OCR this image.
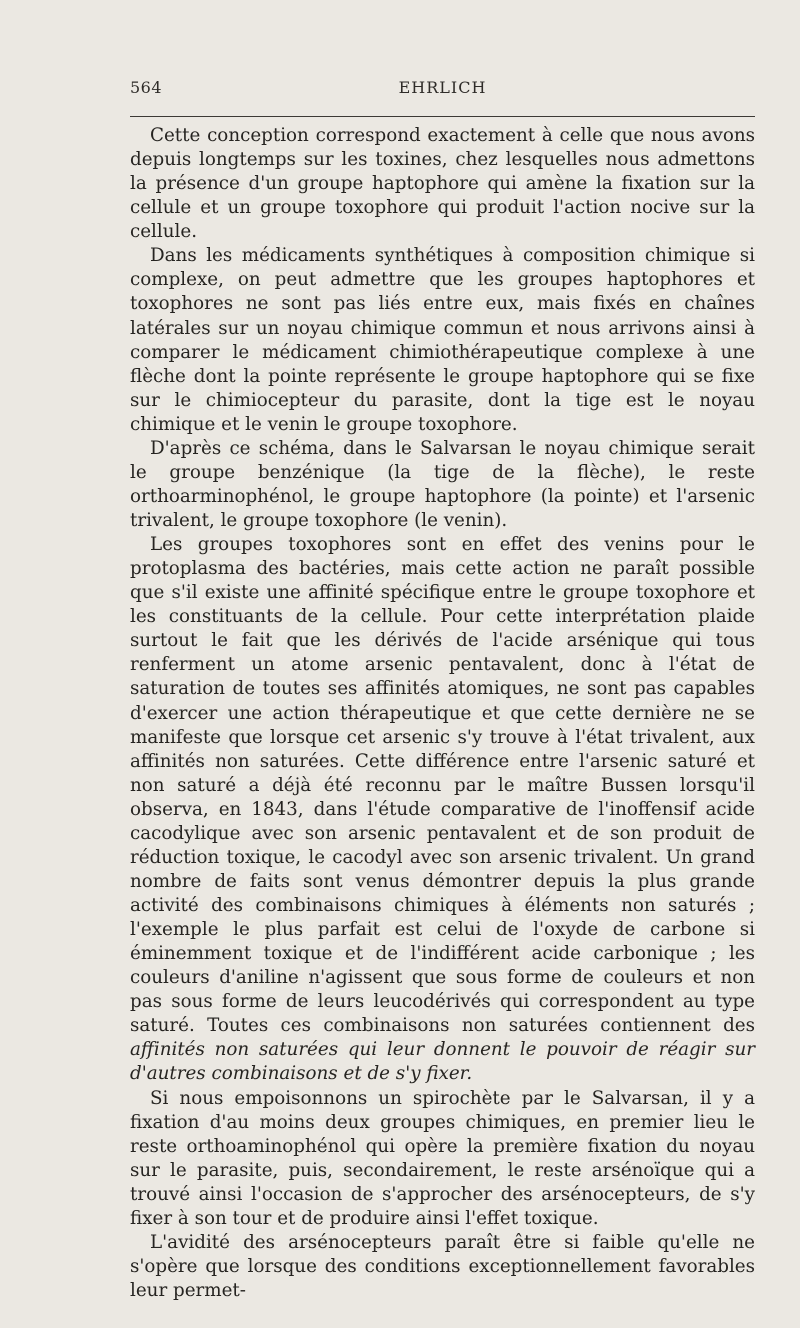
564	EHRLICH

Cette conception correspond exactement à celle que nous avons depuis longtemps sur les toxines, chez lesquelles nous admettons la présence d'un groupe haptophore qui amène la fixation sur la cellule et un groupe toxophore qui produit l'action nocive sur la cellule.

Dans les médicaments synthétiques à composition chimique si complexe, on peut admettre que les groupes haptophores et toxophores ne sont pas liés entre eux, mais fixés en chaînes latérales sur un noyau chimique commun et nous arrivons ainsi à comparer le médicament chimiothérapeutique complexe à une flèche dont la pointe représente le groupe haptophore qui se fixe sur le chimiocepteur du parasite, dont la tige est le noyau chimique et le venin le groupe toxophore.

D'après ce schéma, dans le Salvarsan le noyau chimique serait le groupe benzénique (la tige de la flèche), le reste orthoarminophénol, le groupe haptophore (la pointe) et l'arsenic trivalent, le groupe toxophore (le venin).

Les groupes toxophores sont en effet des venins pour le protoplasma des bactéries, mais cette action ne paraît possible que s'il existe une affinité spécifique entre le groupe toxophore et les constituants de la cellule. Pour cette interprétation plaide surtout le fait que les dérivés de l'acide arsénique qui tous renferment un atome arsenic pentavalent, donc à l'état de saturation de toutes ses affinités atomiques, ne sont pas capables d'exercer une action thérapeutique et que cette dernière ne se manifeste que lorsque cet arsenic s'y trouve à l'état trivalent, aux affinités non saturées. Cette différence entre l'arsenic saturé et non saturé a déjà été reconnu par le maître Bussen lorsqu'il observa, en 1843, dans l'étude comparative de l'inoffensif acide cacodylique avec son arsenic pentavalent et de son produit de réduction toxique, le cacodyl avec son arsenic trivalent. Un grand nombre de faits sont venus démontrer depuis la plus grande activité des combinaisons chimiques à éléments non saturés ; l'exemple le plus parfait est celui de l'oxyde de carbone si éminemment toxique et de l'indifférent acide carbonique ; les couleurs d'aniline n'agissent que sous forme de couleurs et non pas sous forme de leurs leucodérivés qui correspondent au type saturé. Toutes ces combinaisons non saturées contiennent des affinités non saturées qui leur donnent le pouvoir de réagir sur d'autres combinaisons et de s'y fixer.

Si nous empoisonnons un spirochète par le Salvarsan, il y a fixation d'au moins deux groupes chimiques, en premier lieu le reste orthoaminophénol qui opère la première fixation du noyau sur le parasite, puis, secondairement, le reste arsénoïque qui a trouvé ainsi l'occasion de s'approcher des arsénocepteurs, de s'y fixer à son tour et de produire ainsi l'effet toxique.

L'avidité des arsénocepteurs paraît être si faible qu'elle ne s'opère que lorsque des conditions exceptionnellement favorables leur permet-
